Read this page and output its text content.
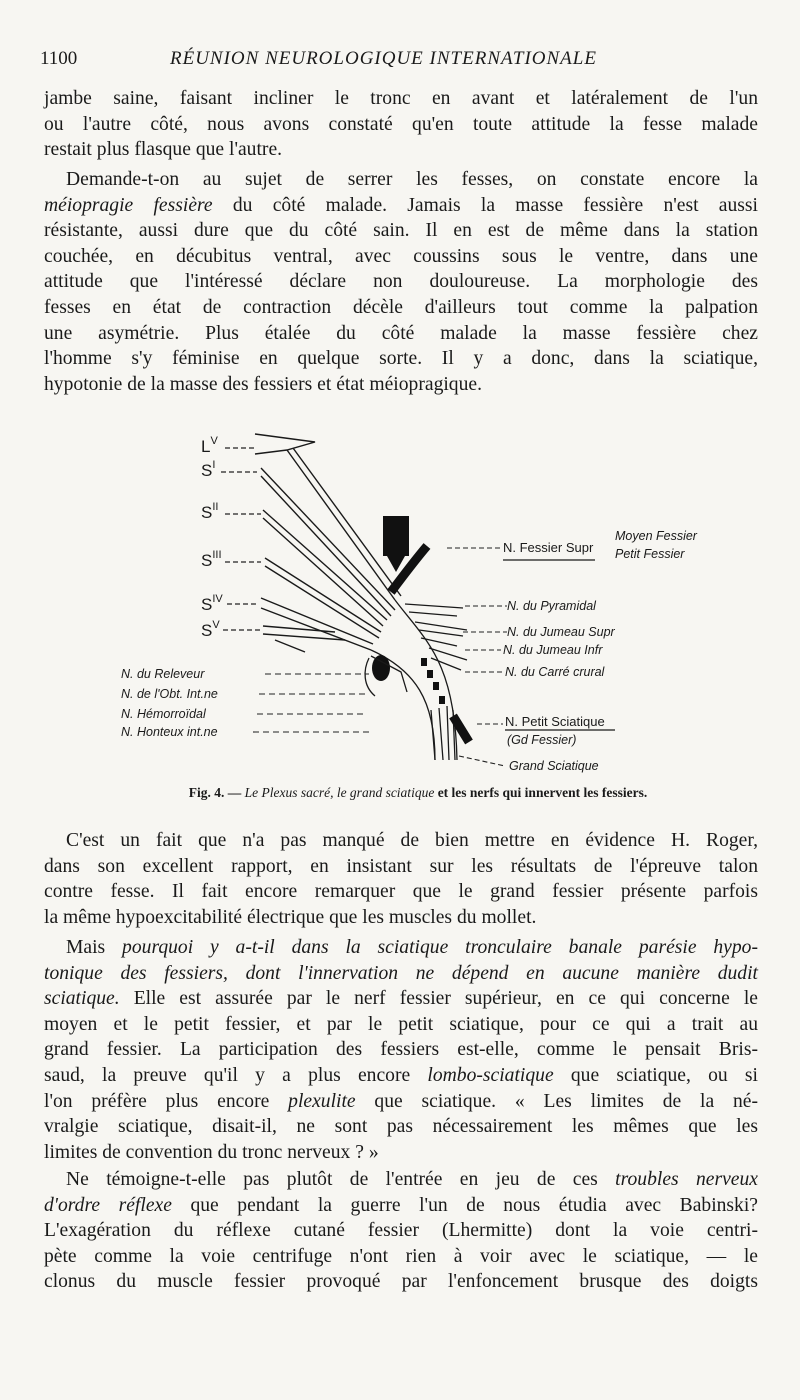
1100	RÉUNION NEUROLOGIQUE INTERNATIONALE
jambe saine, faisant incliner le tronc en avant et latéralement de l'un
ou l'autre côté, nous avons constaté qu'en toute attitude la fesse malade
restait plus flasque que l'autre.
Demande-t-on au sujet de serrer les fesses, on constate encore la
méiopragie fessière du côté malade. Jamais la masse fessière n'est aussi
résistante, aussi dure que du côté sain. Il en est de même dans la station
couchée, en décubitus ventral, avec coussins sous le ventre, dans une
attitude que l'intéressé déclare non douloureuse. La morphologie des
fesses en état de contraction décèle d'ailleurs tout comme la palpation
une asymétrie. Plus étalée du côté malade la masse fessière chez
l'homme s'y féminise en quelque sorte. Il y a donc, dans la sciatique,
hypotonie de la masse des fessiers et état méiopragique.
$L^V$
$S^I$
$S^{II}$
$S^{III}$
$S^{IV}$
$S^V$
N. du Releveur
N. de l'Obt. Int.ne
N. Hémorroïdal
N. Honteux int.ne
N. Fessier Supr
Moyen Fessier
Petit Fessier
N. du Pyramidal
N. du Jumeau Supr
N. du Jumeau Infr
N. du Carré crural
N. Petit Sciatique
(Gd Fessier)
Grand Sciatique
Fig. 4. — Le Plexus sacré, le grand sciatique et les nerfs qui innervent les fessiers.
C'est un fait que n'a pas manqué de bien mettre en évidence H. Roger,
dans son excellent rapport, en insistant sur les résultats de l'épreuve talon
contre fesse. Il fait encore remarquer que le grand fessier présente parfois
la même hypoexcitabilité électrique que les muscles du mollet.
Mais pourquoi y a-t-il dans la sciatique tronculaire banale parésie hypo-
tonique des fessiers, dont l'innervation ne dépend en aucune manière dudit
sciatique. Elle est assurée par le nerf fessier supérieur, en ce qui concerne le
moyen et le petit fessier, et par le petit sciatique, pour ce qui a trait au
grand fessier. La participation des fessiers est-elle, comme le pensait Bris-
saud, la preuve qu'il y a plus encore lombo-sciatique que sciatique, ou si
l'on préfère plus encore plexulite que sciatique. « Les limites de la né-
vralgie sciatique, disait-il, ne sont pas nécessairement les mêmes que les
limites de convention du tronc nerveux ? »
Ne témoigne-t-elle pas plutôt de l'entrée en jeu de ces troubles nerveux
d'ordre réflexe que pendant la guerre l'un de nous étudia avec Babinski?
L'exagération du réflexe cutané fessier (Lhermitte) dont la voie centri-
pète comme la voie centrifuge n'ont rien à voir avec le sciatique, — le
clonus du muscle fessier provoqué par l'enfoncement brusque des doigts
